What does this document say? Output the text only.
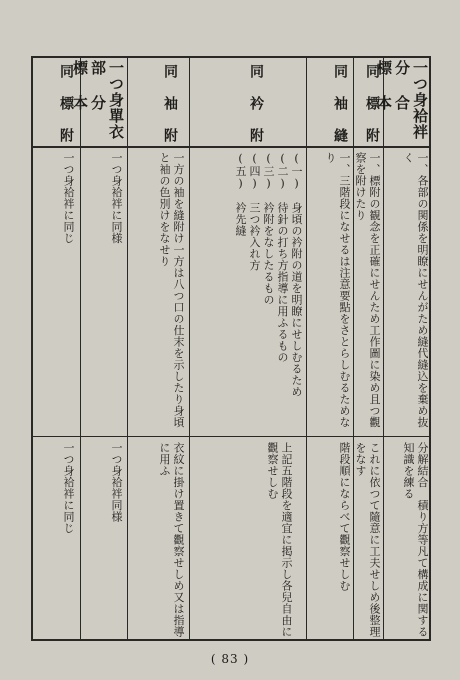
一つ身袷袢分 合 標 本
一、各部の関係を明瞭にせんがため縫代縫込を棄め抜く
分解結合　積り方等凡て構成に関する知識を練る
同　標　附
一、標附の観念を正確にせんため工作圖に染め且つ觀察を附けたり
これに依つて隨意に工夫せしめ後整理をなす
同　袖　縫
一、三階段になせるは注意要點をさとらしむるためなり
階段順にならべて觀察せしむ
同　衿　附
(一)　身頃の衿附の道を明瞭にせしむるため
(二)　待針の打ち方指導に用ふるもの
(三)　衿附をなしたるもの
(四)　三つ衿入れ方
(五)　衿先縫
上記五階段を適宜に掲示し各兒自由に觀察せしむ
同　袖　附
一方の袖を縫附け一方は八つ口の仕末を示したり身頃と袖の色別けをなせり
衣紋に掛け置きて觀察せしめ又は指導に用ふ
一つ身單衣部 分 標 本
一つ身袷袢に同様
一つ身袷袢同様
同　標　附
一つ身袷袢に同じ
一つ身袷袢に同じ
( 83 )
